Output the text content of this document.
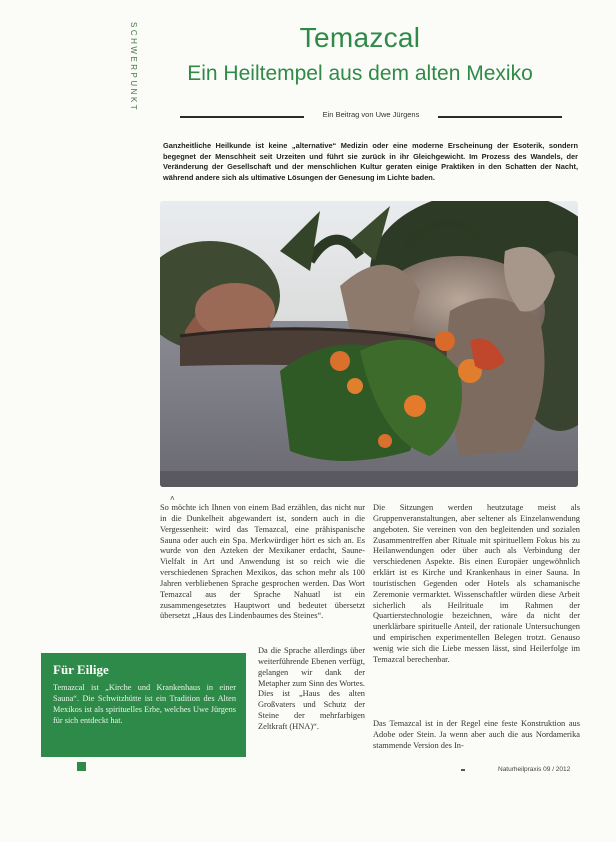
SCHWERPUNKT	Temazcal
Ein Heiltempel aus dem alten Mexiko
Ein Beitrag von Uwe Jürgens
Ganzheitliche Heilkunde ist keine „alternative“ Medizin oder eine moderne Erscheinung der Esoterik, sondern begegnet der Menschheit seit Urzeiten und führt sie zurück in ihr Gleichgewicht. Im Prozess des Wandels, der Veränderung der Gesellschaft und der menschlichen Kultur geraten einige Praktiken in den Schatten der Nacht, während andere sich als ultimative Lösungen der Genesung im Lichte baden.
˄

So möchte ich Ihnen von einem Bad erzählen, das nicht nur in die Dunkelheit abgewandert ist, sondern auch in die Vergessenheit: wird das Temazcal, eine prähispanische Sauna oder auch ein Spa. Merkwürdiger hört es sich an. Es wurde von den Azteken der Mexikaner erdacht, Saune-Vielfalt in Art und Anwendung ist so reich wie die verschiedenen Sprachen Mexikos, das schon mehr als 100 Jahren verbliebenen Sprache gesprochen werden. Das Wort Temazcal aus der Sprache Nahuatl ist ein zusammengesetztes Hauptwort und bedeutet übersetzt übersetzt „Haus des Lindenbaumes des Steines“.

Da die Sprache allerdings über weiterführende Ebenen verfügt, gelangen wir dank der Metapher zum Sinn des Wortes. Dies ist „Haus des alten Großvaters und Schutz der Steine der mehrfarbigen Zeltkraft (HNA)“.

Die Sitzungen werden heutzutage meist als Gruppenveranstaltungen, aber seltener als Einzelanwendung angeboten. Sie vereinen von den begleitenden und sozialen Zusammentreffen aber Rituale mit spirituellem Fokus bis zu Heilanwendungen oder über auch als Verbindung der verschiedenen Aspekte. Bis einen Europäer ungewöhnlich erklärt ist es Kirche und Krankenhaus in einer Sauna. In touristischen Gegenden oder Hotels als schamanische Zeremonie vermarktet. Wissenschaftler würden diese Arbeit sicherlich als Heilrituale im Rahmen der Quartierstechnologie bezeichnen, wäre da nicht der unerklärbare spirituelle Anteil, der rationale Untersuchungen und empirischen experimentellen Belegen trotzt. Genauso wenig wie sich die Liebe messen lässt, sind Heilerfolge im Temazcal berechenbar.

Das Temazcal ist in der Regel eine feste Konstruktion aus Adobe oder Stein. Ja wenn aber auch die aus Nordamerika stammende Version des In-

Für Eilige
Temazcal ist „Kirche und Krankenhaus in einer Sauna“. Die Schwitzhütte ist ein Tradition des Alten Mexikos ist als spirituelles Erbe, welches Uwe Jürgens für sich entdeckt hat.
Naturheilpraxis 09 / 2012
